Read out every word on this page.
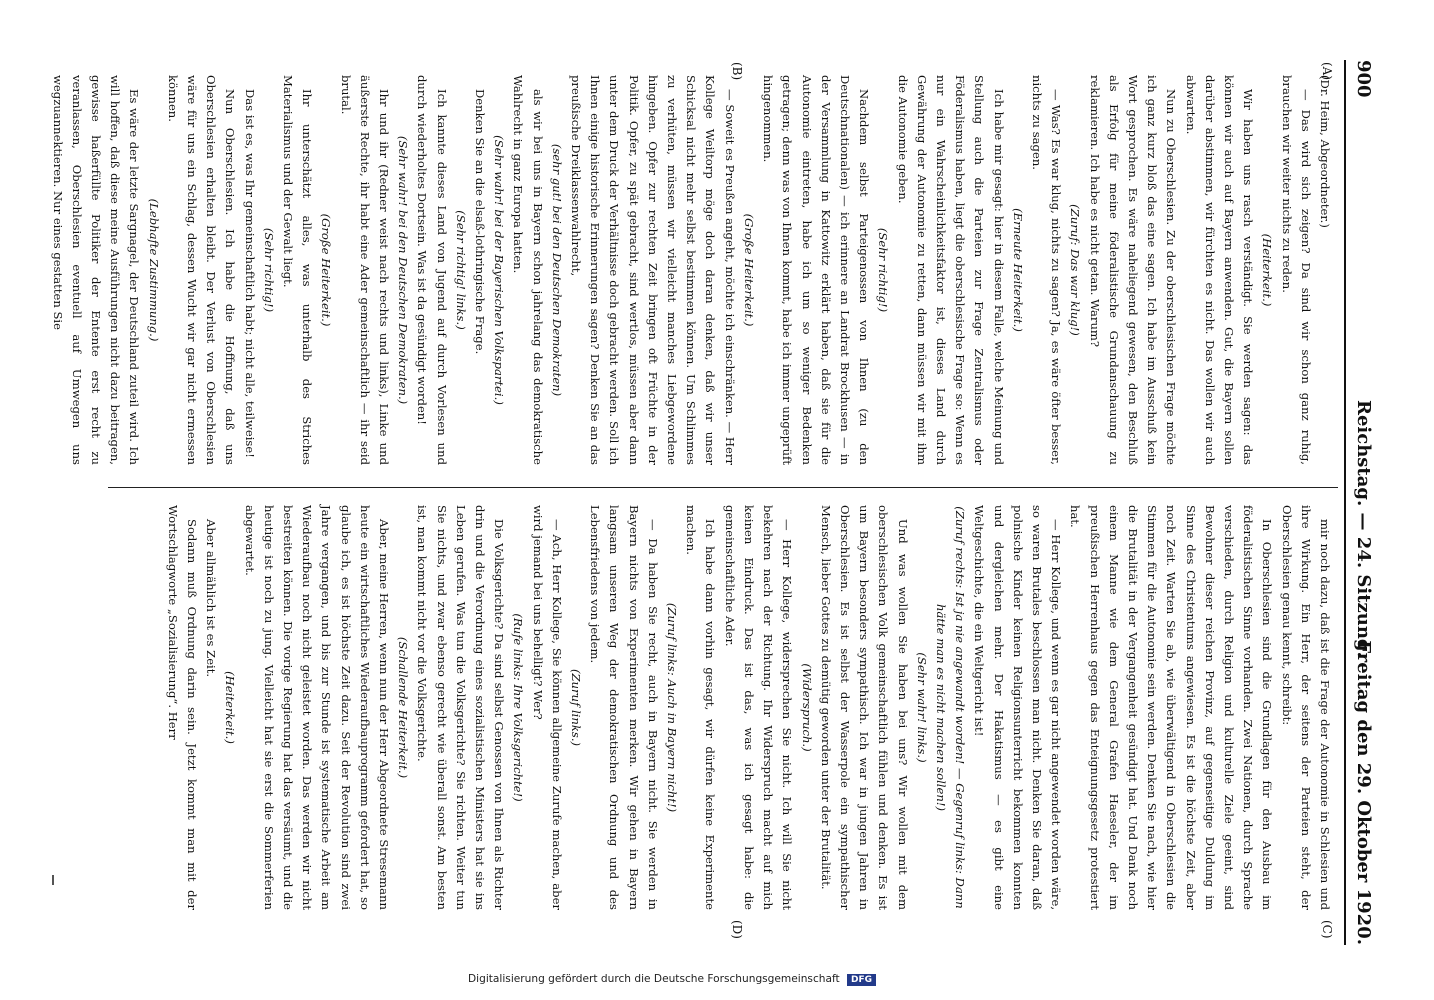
900
Reichstag. — 24. Sitzung.
Freitag den 29. Oktober 1920.
(A)
(B)
(C)
(D)

(Dr. Heim, Abgeordneter.)

— Das wird sich zeigen? Da sind wir schon ganz ruhig, brauchen wir weiter nichts zu reden.

(Heiterkeit.)

Wir haben uns rasch verständigt. Sie werden sagen: das können wir auch auf Bayern anwenden. Gut, die Bayern sollen darüber abstimmen, wir fürchten es nicht. Das wollen wir auch abwarten.

Nun zu Oberschlesien. Zu der oberschlesischen Frage möchte ich ganz kurz bloß das eine sagen. Ich habe im Ausschuß kein Wort gesprochen. Es wäre naheliegend gewesen, den Beschluß als Erfolg für meine föderalistische Grundanschauung zu reklamieren. Ich habe es nicht getan. Warum?

(Zuruf: Das war klug!)

— Was? Es war klug, nichts zu sagen? Ja, es wäre öfter besser, nichts zu sagen.

(Erneute Heiterkeit.)

Ich habe mir gesagt: hier in diesem Falle, welche Meinung und Stellung auch die Parteien zur Frage Zentralismus oder Föderalismus haben, liegt die oberschlesische Frage so: Wenn es nur ein Wahrscheinlichkeitsfaktor ist, dieses Land durch Gewährung der Autonomie zu retten, dann müssen wir mit ihm die Autonomie geben.

(Sehr richtig!)

Nachdem selbst Parteigenossen von Ihnen (zu den Deutschnationalen) — ich erinnere an Landrat Brockhusen — in der Versammlung in Kattowitz erklärt haben, daß sie für die Autonomie eintreten, habe ich um so weniger Bedenken getragen; denn was von Ihnen kommt, habe ich immer ungeprüft hingenommen.

(Große Heiterkeit.)

— Soweit es Preußen angeht, möchte ich einschränken. — Herr Kollege Weiltorp möge doch daran denken, daß wir unser Schicksal nicht mehr selbst bestimmen können. Um Schlimmes zu verhüten, müssen wir vielleicht manches Liebgewordene hingeben. Opfer zur rechten Zeit bringen oft Früchte in der Politik. Opfer, zu spät gebracht, sind wertlos, müssen aber dann unter dem Druck der Verhältnisse doch gebracht werden. Soll ich Ihnen einige historische Erinnerungen sagen? Denken Sie an das preußische Dreiklassenwahlrecht,

(sehr gut! bei den Deutschen Demokraten)

als wir bei uns in Bayern schon jahrelang das demokratische Wahlrecht in ganz Europa hatten.

(Sehr wahr! bei der Bayerischen Volkspartei.)

Denken Sie an die elsaß-lothringische Frage.

(Sehr richtig! links.)

Ich kannte dieses Land von Jugend auf durch Vorlesen und durch wiederholtes Dortsein. Was ist da gesündigt worden!

(Sehr wahr! bei den Deutschen Demokraten.)

Ihr und ihr (Redner weist nach rechts und links), Linke und äußerste Rechte, ihr habt eine Ader gemeinschaftlich — ihr seid brutal.

(Große Heiterkeit.)

Ihr unterschätzt alles, was unterhalb des Striches Materialismus und der Gewalt liegt.

(Sehr richtig!)

Das ist es, was Ihr gemeinschaftlich habt; nicht alle, teilweise!

Nun Oberschlesien. Ich habe die Hoffnung, daß uns Oberschlesien erhalten bleibt. Der Verlust von Oberschlesien wäre für uns ein Schlag, dessen Wucht wir gar nicht ermessen können.

(Lebhafte Zustimmung.)

Es wäre der letzte Sargnagel, der Deutschland zuteil wird. Ich will hoffen, daß diese meine Ausführungen nicht dazu beitragen, gewisse haßerfüllte Politiker der Entente erst recht zu veranlassen, Oberschlesien eventuell auf Umwegen uns wegzuannektieren. Nur eines gestatten Sie

mir noch dazu, daß ist die Frage der Autonomie in Schlesien und ihre Wirkung. Ein Herr, der seitens der Parteien steht, der Oberschlesien genau kennt, schreibt:

In Oberschlesien sind die Grundlagen für den Ausbau im föderalistischen Sinne vorhanden. Zwei Nationen, durch Sprache verschieden, durch Religion und kulturelle Ziele geeint, sind Bewohner dieser reichen Provinz, auf gegenseitige Duldung im Sinne des Christentums angewiesen. Es ist die höchste Zeit, aber noch Zeit. Warten Sie ab, wie überwältigend in Oberschlesien die Stimmen für die Autonomie sein werden. Denken Sie nach, wie hier die Brutalität in der Vergangenheit gesündigt hat. Und Dank noch einem Manne wie dem General Grafen Haeseler, der im preußischen Herrenhaus gegen das Enteignungsgesetz protestiert hat.

— Herr Kollege, und wenn es gar nicht angewendet worden wäre, so waren Brutales beschlossen man nicht. Denken Sie daran, daß polnische Kinder keinen Religionsunterricht bekommen konnten und dergleichen mehr. Der Hakatismus — es gibt eine Weltgeschichte, die ein Weltgericht ist!

(Zuruf rechts: Ist ja nie angewandt worden! — Gegenruf links: Dann hätte man es nicht machen sollen!)

(Sehr wahr! links.)

Und was wollen Sie haben bei uns? Wir wollen mit dem oberschlesischen Volk gemeinschaftlich fühlen und denken. Es ist um Bayern besonders sympathisch. Ich war in jungen Jahren in Oberschlesien. Es ist selbst der Wasserpole ein sympathischer Mensch, lieber Gottes zu demütig geworden unter der Brutalität.

(Widerspruch.)

— Herr Kollege, widersprechen Sie nicht. Ich will Sie nicht bekehren nach der Richtung. Ihr Widerspruch macht auf mich keinen Eindruck. Das ist das, was ich gesagt habe: die gemeinschaftliche Ader.

Ich habe dann vorhin gesagt, wir dürfen keine Experimente machen.

(Zuruf links: Auch in Bayern nicht!)

— Da haben Sie recht, auch in Bayern nicht. Sie werden in Bayern nichts von Experimenten merken. Wir gehen in Bayern langsam unseren Weg der demokratischen Ordnung und des Lebensfriedens von jedem.

(Zuruf links.)

— Ach, Herr Kollege, Sie können allgemeine Zurufe machen, aber wird jemand bei uns behelligt? Wer?

(Rufe links: Ihre Volksgerichte!)

Die Volksgerichte? Da sind selbst Genossen von Ihnen als Richter drin und die Verordnung eines sozialistischen Ministers hat sie ins Leben gerufen. Was tun die Volksgerichte? Sie richten. Weiter tun Sie nichts, und zwar ebenso gerecht wie überall sonst. Am besten ist, man kommt nicht vor die Volksgerichte.

(Schallende Heiterkeit.)

Aber, meine Herren, wenn nun der Herr Abgeordnete Stresemann heute ein wirtschaftliches Wiederaufbauprogramm gefordert hat, so glaube ich, es ist höchste Zeit dazu. Seit der Revolution sind zwei Jahre vergangen, und bis zur Stunde ist systematische Arbeit am Wiederaufbau noch nicht geleistet worden. Das werden wir nicht bestreiten können. Die vorige Regierung hat das versäumt, und die heutige ist noch zu jung. Vielleicht hat sie erst die Sommerferien abgewartet.

(Heiterkeit.)

Aber allmählich ist es Zeit.

Sodann muß Ordnung darin sein. Jetzt kommt man mit der Wortschlagworte „Sozialisierung“. Herr

Digitalisierung gefördert durch die Deutsche Forschungsgemeinschaft DFG
